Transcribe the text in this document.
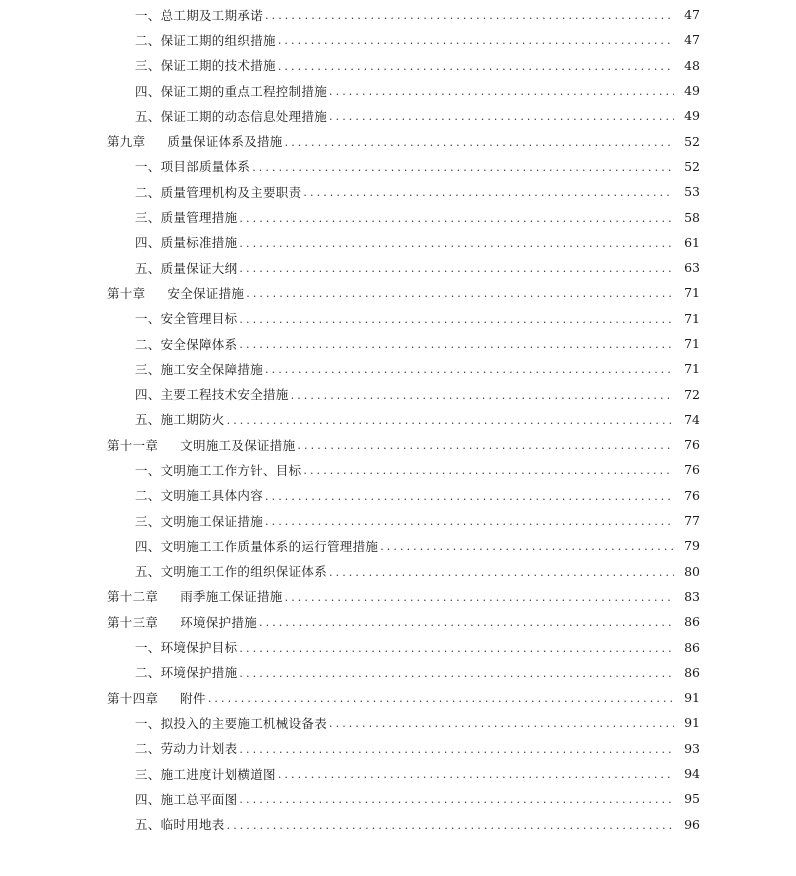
一、总工期及工期承诺 .....	47
二、保证工期的组织措施 .....	47
三、保证工期的技术措施 .....	48
四、保证工期的重点工程控制措施 .....	49
五、保证工期的动态信息处理措施 .....	49
第九章 质量保证体系及措施 .....	52
一、项目部质量体系 .....	52
二、质量管理机构及主要职责 .....	53
三、质量管理措施 .....	58
四、质量标准措施 .....	61
五、质量保证大纲 .....	63
第十章 安全保证措施 .....	71
一、安全管理目标 .....	71
二、安全保障体系 .....	71
三、施工安全保障措施 .....	71
四、主要工程技术安全措施 .....	72
五、施工期防火 .....	74
第十一章 文明施工及保证措施 .....	76
一、文明施工工作方针、目标 .....	76
二、文明施工具体内容 .....	76
三、文明施工保证措施 .....	77
四、文明施工工作质量体系的运行管理措施 .....	79
五、文明施工工作的组织保证体系 .....	80
第十二章 雨季施工保证措施 .....	83
第十三章 环境保护措施 .....	86
一、环境保护目标 .....	86
二、环境保护措施 .....	86
第十四章 附件 .....	91
一、拟投入的主要施工机械设备表 .....	91
二、劳动力计划表 .....	93
三、施工进度计划横道图 .....	94
四、施工总平面图 .....	95
五、临时用地表 .....	96
